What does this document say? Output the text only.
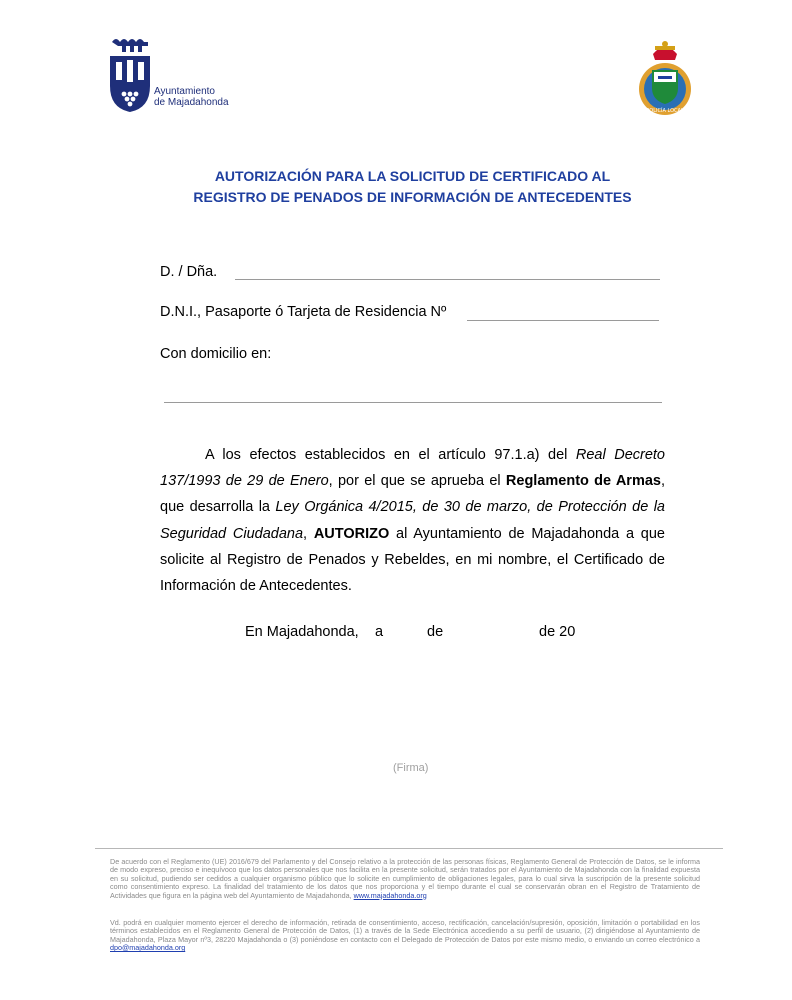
Ayuntamiento
de Majadahonda
POLICÍA LOCAL
AUTORIZACIÓN PARA LA SOLICITUD DE CERTIFICADO AL
REGISTRO DE PENADOS DE INFORMACIÓN DE ANTECEDENTES
D. / Dña.
D.N.I., Pasaporte ó Tarjeta de Residencia Nº
Con domicilio en:

A los efectos establecidos en el artículo 97.1.a) del Real Decreto 137/1993 de 29 de Enero, por el que se aprueba el Reglamento de Armas, que desarrolla la Ley Orgánica 4/2015, de 30 de marzo, de Protección de la Seguridad Ciudadana, AUTORIZO al Ayuntamiento de Majadahonda a que solicite al Registro de Penados y Rebeldes, en mi nombre, el Certificado de Información de Antecedentes.

En Majadahonda, a	de	de 20
(Firma)
De acuerdo con el Reglamento (UE) 2016/679 del Parlamento y del Consejo relativo a la protección de las personas físicas, Reglamento General de Protección de Datos, se le informa de modo expreso, preciso e inequívoco que los datos personales que nos facilita en la presente solicitud, serán tratados por el Ayuntamiento de Majadahonda con la finalidad expuesta en su solicitud, pudiendo ser cedidos a cualquier organismo público que lo solicite en cumplimiento de obligaciones legales, para lo cual sirva la suscripción de la presente solicitud como consentimiento expreso. La finalidad del tratamiento de los datos que nos proporciona y el tiempo durante el cual se conservarán obran en el Registro de Tratamiento de Actividades que figura en la página web del Ayuntamiento de Majadahonda, www.majadahonda.org
Vd. podrá en cualquier momento ejercer el derecho de información, retirada de consentimiento, acceso, rectificación, cancelación/supresión, oposición, limitación o portabilidad en los términos establecidos en el Reglamento General de Protección de Datos, (1) a través de la Sede Electrónica accediendo a su perfil de usuario, (2) dirigiéndose al Ayuntamiento de Majadahonda, Plaza Mayor nº3, 28220 Majadahonda o (3) poniéndose en contacto con el Delegado de Protección de Datos por este mismo medio, o enviando un correo electrónico a dpo@majadahonda.org
